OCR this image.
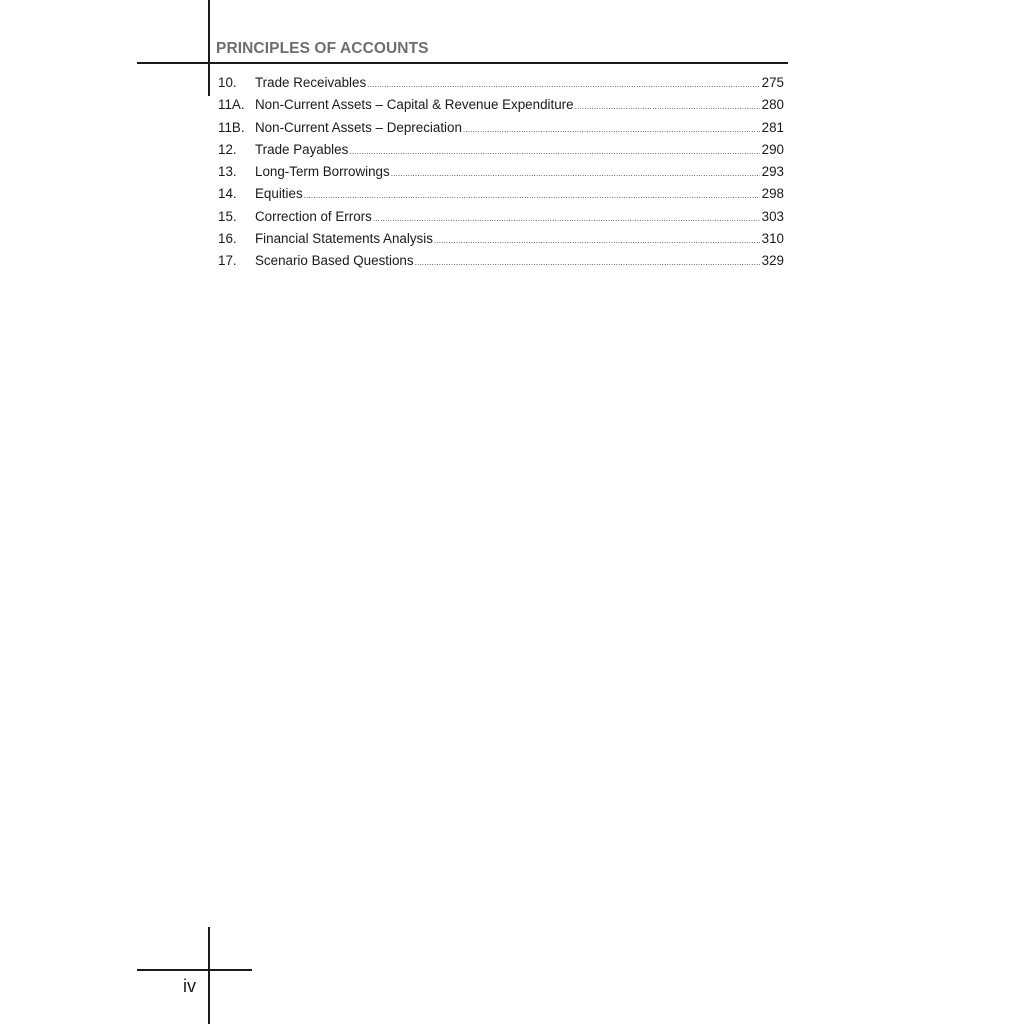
PRINCIPLES OF ACCOUNTS
10.	Trade Receivables .....	275
11A. Non-Current Assets – Capital & Revenue Expenditure .....	280
11B. Non-Current Assets – Depreciation .....	281
12.	Trade Payables .....	290
13.	Long-Term Borrowings .....	293
14.	Equities .....	298
15.	Correction of Errors .....	303
16.	Financial Statements Analysis .....	310
17.	Scenario Based Questions .....	329
iv
